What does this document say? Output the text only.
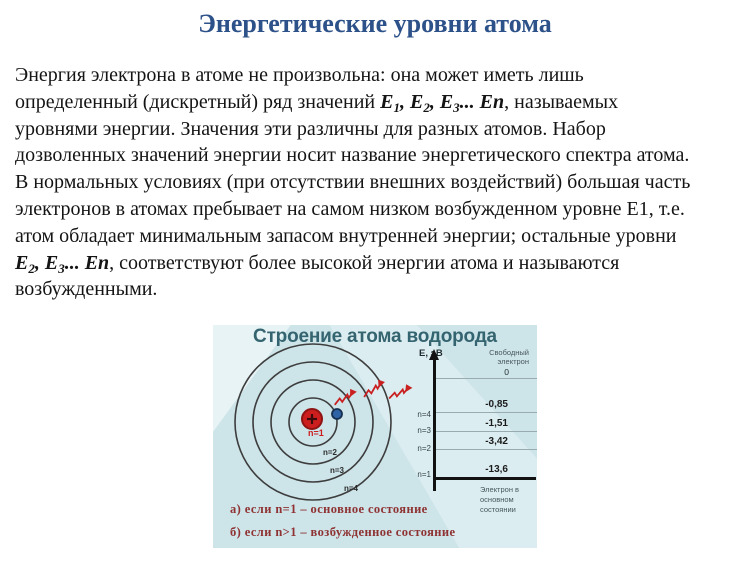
Энергетические уровни атома
Энергия электрона в атоме не произвольна: она может иметь лишь
определенный (дискретный) ряд значений $E_1$, $E_2$, $E_3$... En, называемых
уровнями энергии. Значения эти различны для разных атомов. Набор
дозволенных значений энергии носит название энергетического спектра атома.
В нормальных условиях (при отсутствии внешних воздействий) большая часть
электронов в атомах пребывает на самом низком возбужденном уровне Е1, т.е.
атом обладает минимальным запасом внутренней энергии; остальные уровни
$Е_2$, $Е_3$... Еn, соответствуют более высокой энергии атома и называются
возбужденными.
Строение атома водорода
n=1
n=2
n=3
n=4
E, эВ	Свободный электрон
0
-0,85
-1,51
-3,42
-13,6
n=4
n=3
n=2
n=1
Электрон в основном состоянии
а) если n=1 – основное состояние
б) если n>1 – возбужденное состояние
